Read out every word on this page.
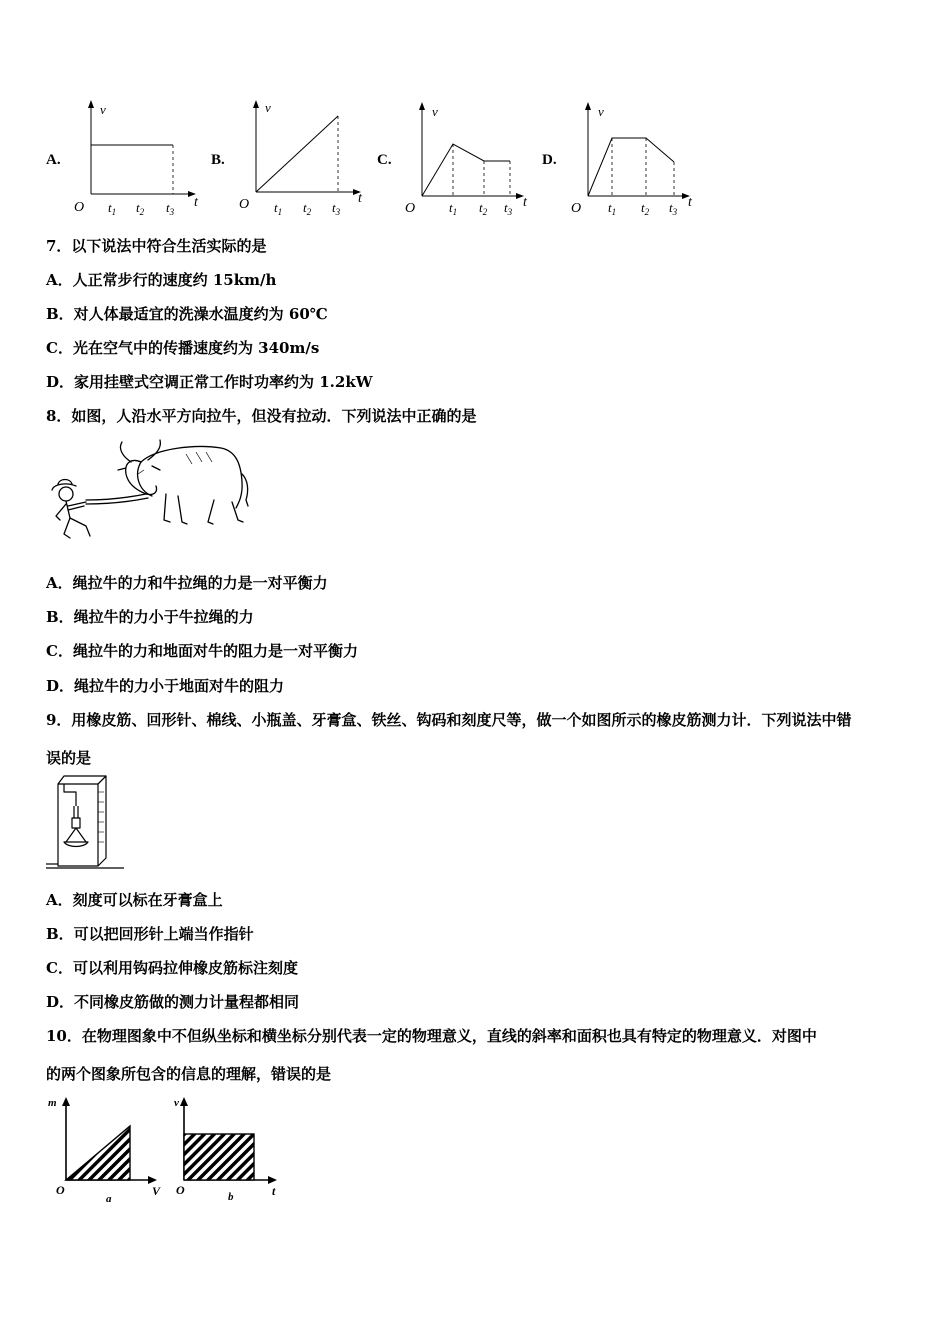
A.	B.	C.	D.
v
t
O $t_1$ $t_2$ $t_3$
v
t
O $t_1$ $t_2$ $t_3$
v
t
O	$t_1$ $t_2$ $t_3$
v
t
O $t_1$ $t_2$ $t_3$
7．以下说法中符合生活实际的是
A．人正常步行的速度约 15km/h
B．对人体最适宜的洗澡水温度约为 60℃
C．光在空气中的传播速度约为 340m/s
D．家用挂壁式空调正常工作时功率约为 1.2kW
8．如图，人沿水平方向拉牛，但没有拉动．下列说法中正确的是
A．绳拉牛的力和牛拉绳的力是一对平衡力
B．绳拉牛的力小于牛拉绳的力
C．绳拉牛的力和地面对牛的阻力是一对平衡力
D．绳拉牛的力小于地面对牛的阻力
9．用橡皮筋、回形针、棉线、小瓶盖、牙膏盒、铁丝、钩码和刻度尺等，做一个如图所示的橡皮筋测力计．下列说法中错
误的是
A．刻度可以标在牙膏盒上
B．可以把回形针上端当作指针
C．可以利用钩码拉伸橡皮筋标注刻度
D．不同橡皮筋做的测力计量程都相同
10．在物理图象中不但纵坐标和横坐标分别代表一定的物理意义，直线的斜率和面积也具有特定的物理意义．对图中
的两个图象所包含的信息的理解，错误的是
m
V
O
a
v
t
O	b
